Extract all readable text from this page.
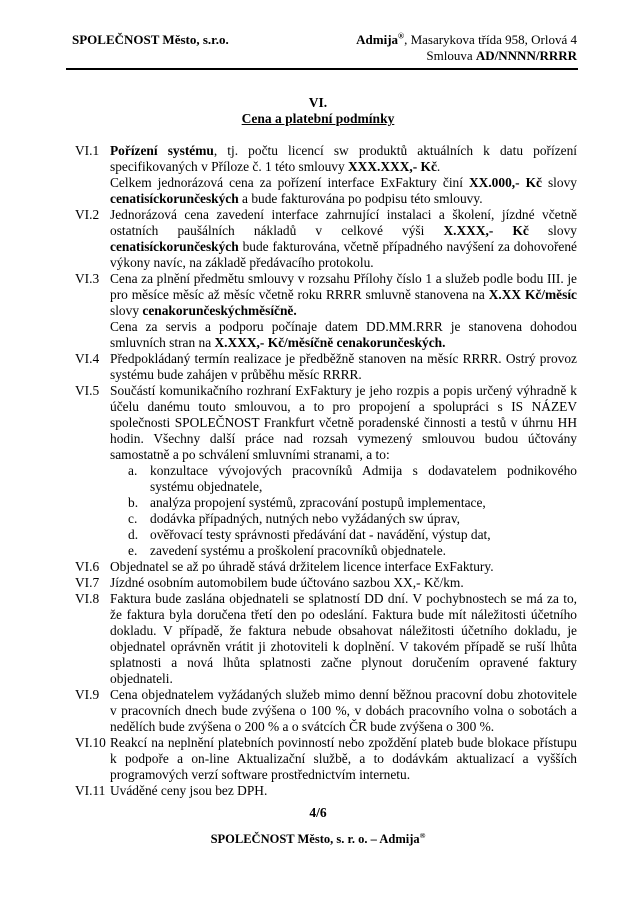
SPOLEČNOST Město, s.r.o.	Admija®, Masarykova třída 958, Orlová 4
Smlouva AD/NNNN/RRRR
VI.
Cena a platební podmínky
VI.1 Pořízení systému, tj. počtu licencí sw produktů aktuálních k datu pořízení specifikovaných v Příloze č. 1 této smlouvy XXX.XXX,- Kč.
Celkem jednorázová cena za pořízení interface ExFaktury činí XX.000,- Kč slovy cenatisíckorunčeských a bude fakturována po podpisu této smlouvy.
VI.2 Jednorázová cena zavedení interface zahrnující instalaci a školení, jízdné včetně ostatních paušálních nákladů v celkové výši X.XXX,- Kč slovy cenatisíckorunčeských bude fakturována, včetně případného navýšení za dohovořené výkony navíc, na základě předávacího protokolu.
VI.3 Cena za plnění předmětu smlouvy v rozsahu Přílohy číslo 1 a služeb podle bodu III. je pro měsíce měsíc až měsíc včetně roku RRRR smluvně stanovena na X.XX Kč/měsíc slovy cenakorunčeskýchměsíčně.
Cena za servis a podporu počínaje datem DD.MM.RRR je stanovena dohodou smluvních stran na X.XXX,- Kč/měsíčně cenakorunčeských.
VI.4 Předpokládaný termín realizace je předběžně stanoven na měsíc RRRR. Ostrý provoz systému bude zahájen v průběhu měsíc RRRR.
VI.5 Součástí komunikačního rozhraní ExFaktury je jeho rozpis a popis určený výhradně k účelu danému touto smlouvou, a to pro propojení a spolupráci s IS NÁZEV společnosti SPOLEČNOST Frankfurt včetně poradenské činnosti a testů v úhrnu HH hodin. Všechny další práce nad rozsah vymezený smlouvou budou účtovány samostatně a po schválení smluvními stranami, a to:
a. konzultace vývojových pracovníků Admija s dodavatelem podnikového systému objednatele,
b. analýza propojení systémů, zpracování postupů implementace,
c. dodávka případných, nutných nebo vyžádaných sw úprav,
d. ověřovací testy správnosti předávání dat - navádění, výstup dat,
e. zavedení systému a proškolení pracovníků objednatele.
VI.6 Objednatel se až po úhradě stává držitelem licence interface ExFaktury.
VI.7 Jízdné osobním automobilem bude účtováno sazbou XX,- Kč/km.
VI.8 Faktura bude zaslána objednateli se splatností DD dní. V pochybnostech se má za to, že faktura byla doručena třetí den po odeslání. Faktura bude mít náležitosti účetního dokladu. V případě, že faktura nebude obsahovat náležitosti účetního dokladu, je objednatel oprávněn vrátit ji zhotoviteli k doplnění. V takovém případě se ruší lhůta splatnosti a nová lhůta splatnosti začne plynout doručením opravené faktury objednateli.
VI.9 Cena objednatelem vyžádaných služeb mimo denní běžnou pracovní dobu zhotovitele v pracovních dnech bude zvýšena o 100 %, v dobách pracovního volna o sobotách a nedělích bude zvýšena o 200 % a o svátcích ČR bude zvýšena o 300 %.
VI.10 Reakcí na neplnění platebních povinností nebo zpoždění plateb bude blokace přístupu k podpoře a on-line Aktualizační službě, a to dodávkám aktualizací a vyšších programových verzí software prostřednictvím internetu.
VI.11 Uváděné ceny jsou bez DPH.
4/6
SPOLEČNOST Město, s. r. o. – Admija®
